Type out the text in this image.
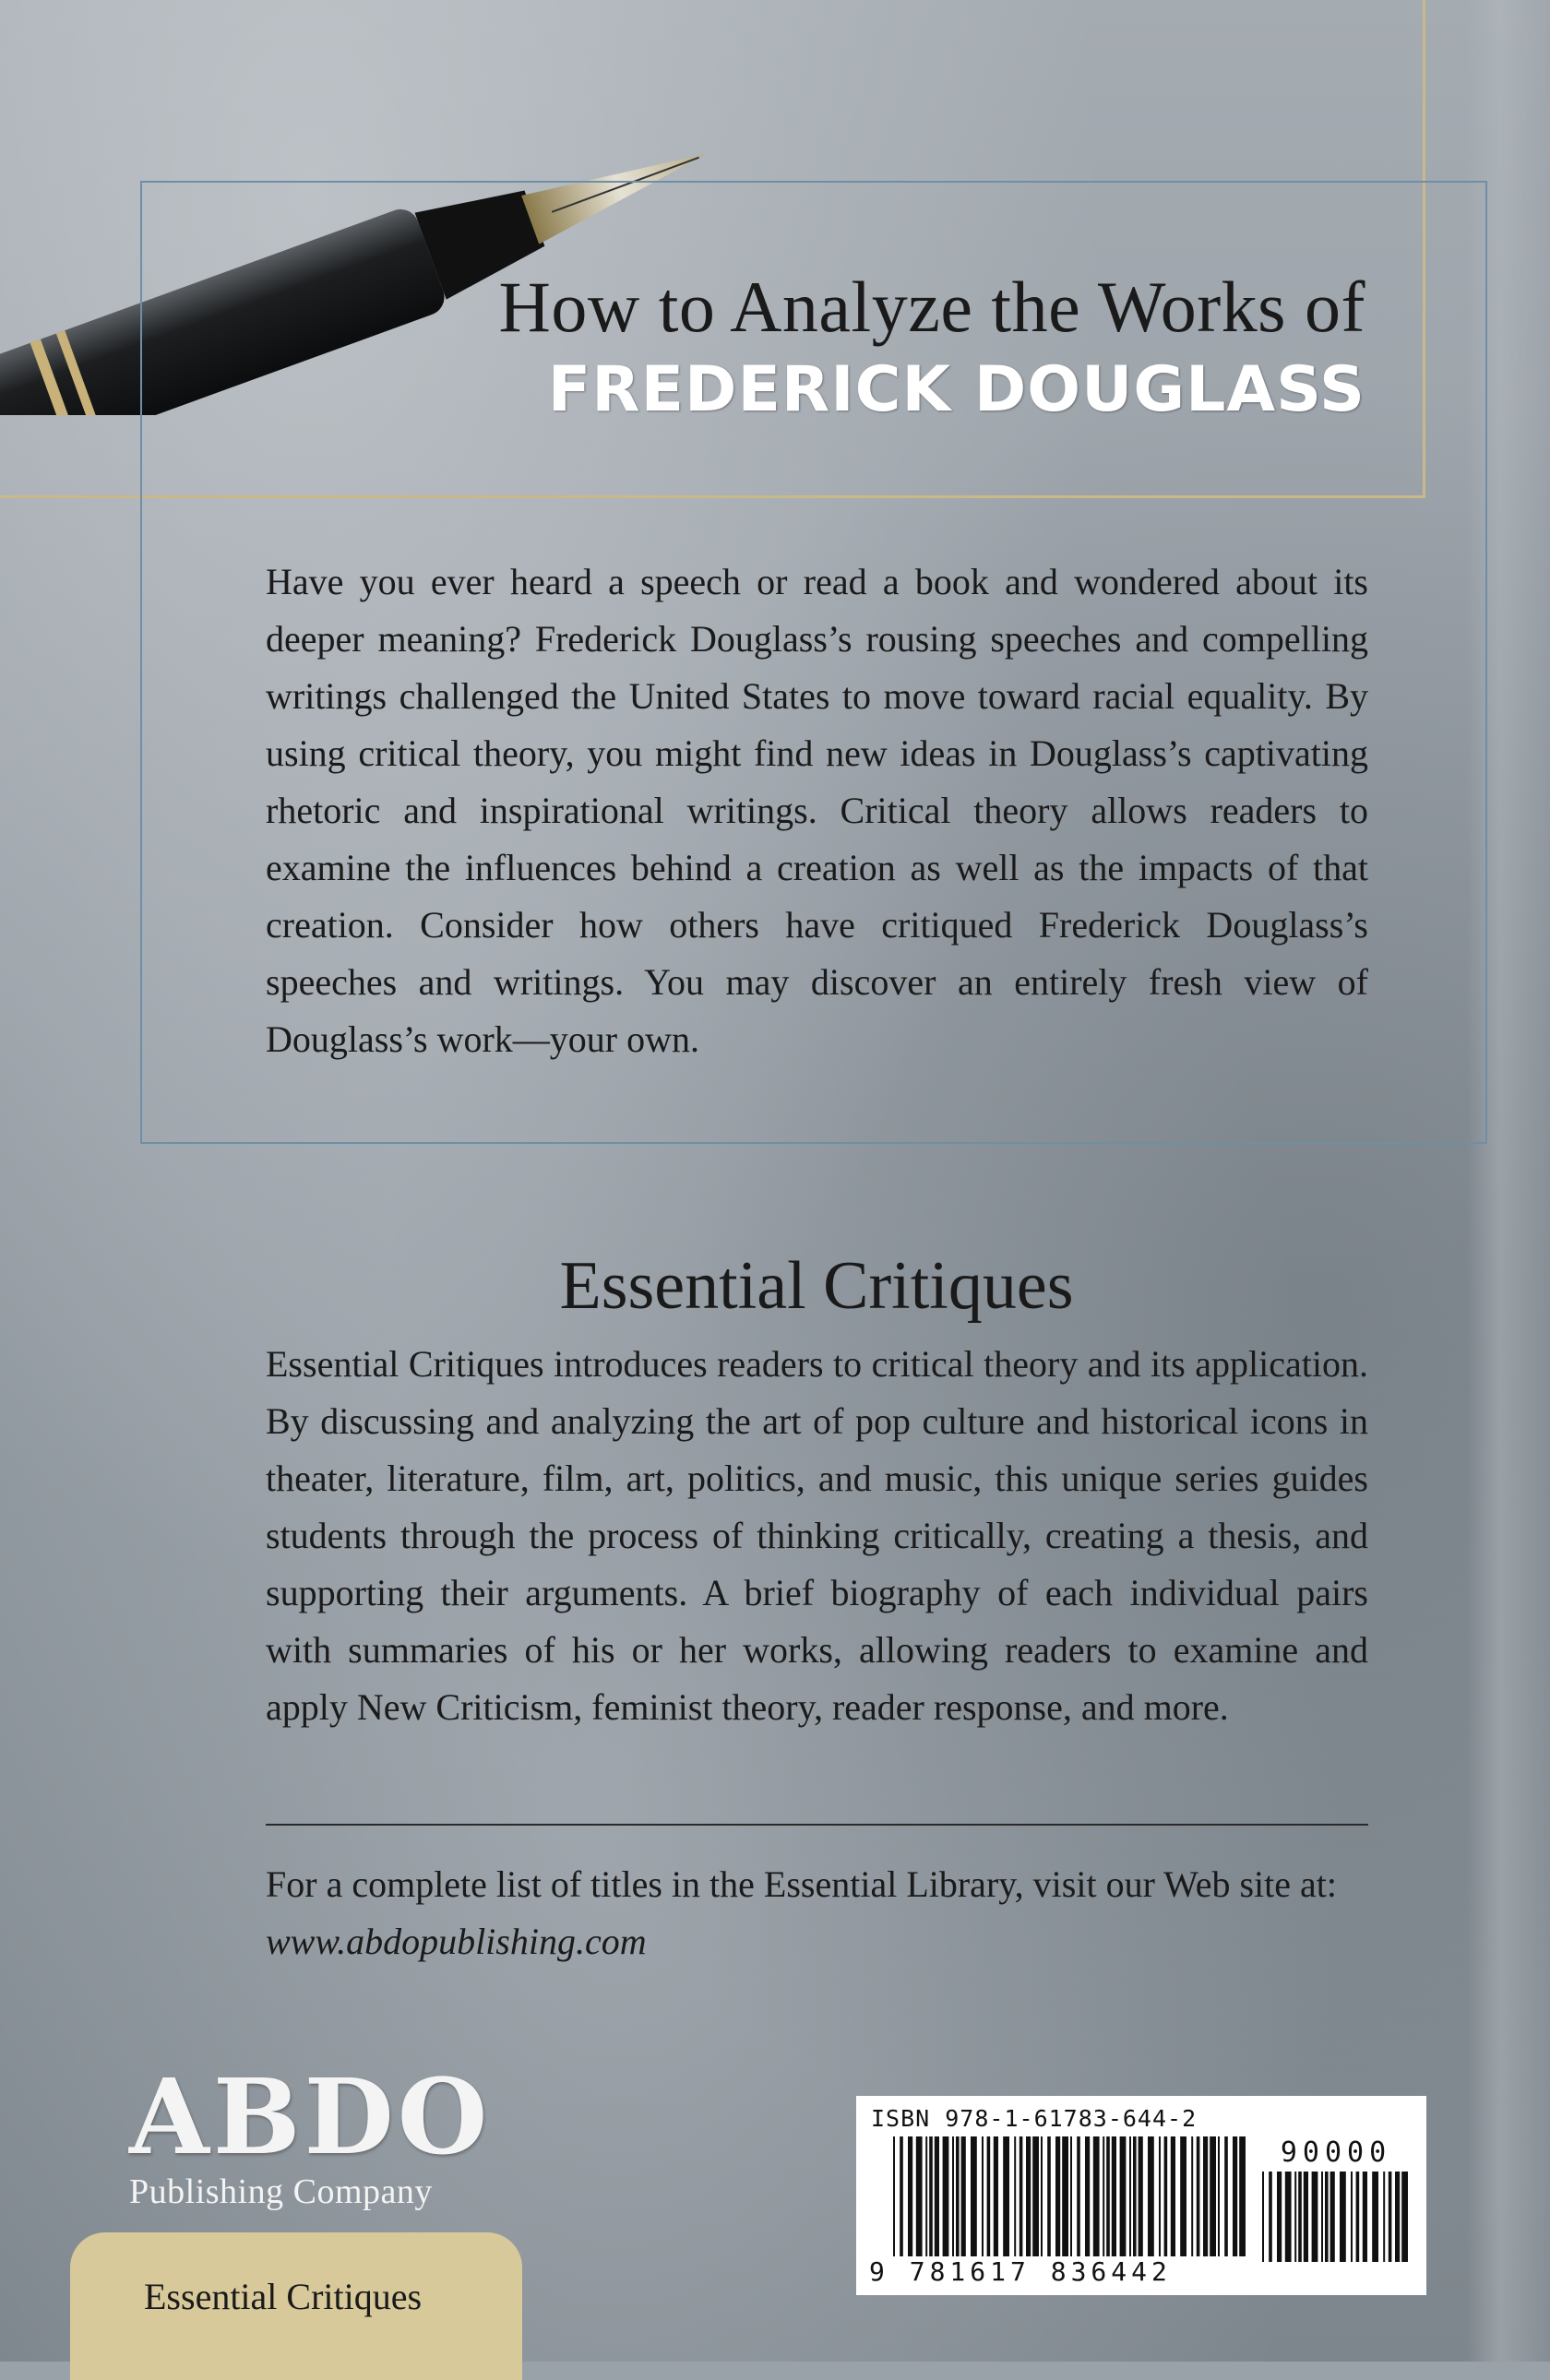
How to Analyze the Works of
FREDERICK DOUGLASS
Have you ever heard a speech or read a book and wondered about its deeper meaning? Frederick Douglass’s rousing speeches and compelling writings challenged the United States to move toward racial equality. By using critical theory, you might find new ideas in Douglass’s captivating rhetoric and inspirational writings. Critical theory allows readers to examine the influences behind a creation as well as the impacts of that creation. Consider how others have critiqued Frederick Douglass’s speeches and writings. You may discover an entirely fresh view of Douglass’s work—your own.
Essential Critiques
Essential Critiques introduces readers to critical theory and its application. By discussing and analyzing the art of pop culture and historical icons in theater, literature, film, art, politics, and music, this unique series guides students through the process of thinking critically, creating a thesis, and supporting their arguments. A brief biography of each individual pairs with summaries of his or her works, allowing readers to examine and apply New Criticism, feminist theory, reader response, and more.
For a complete list of titles in the Essential Library, visit our Web site at: www.abdopublishing.com
ABDO
Publishing Company
Essential Critiques
ISBN 978-1-61783-644-2
90000
9 781617 836442
